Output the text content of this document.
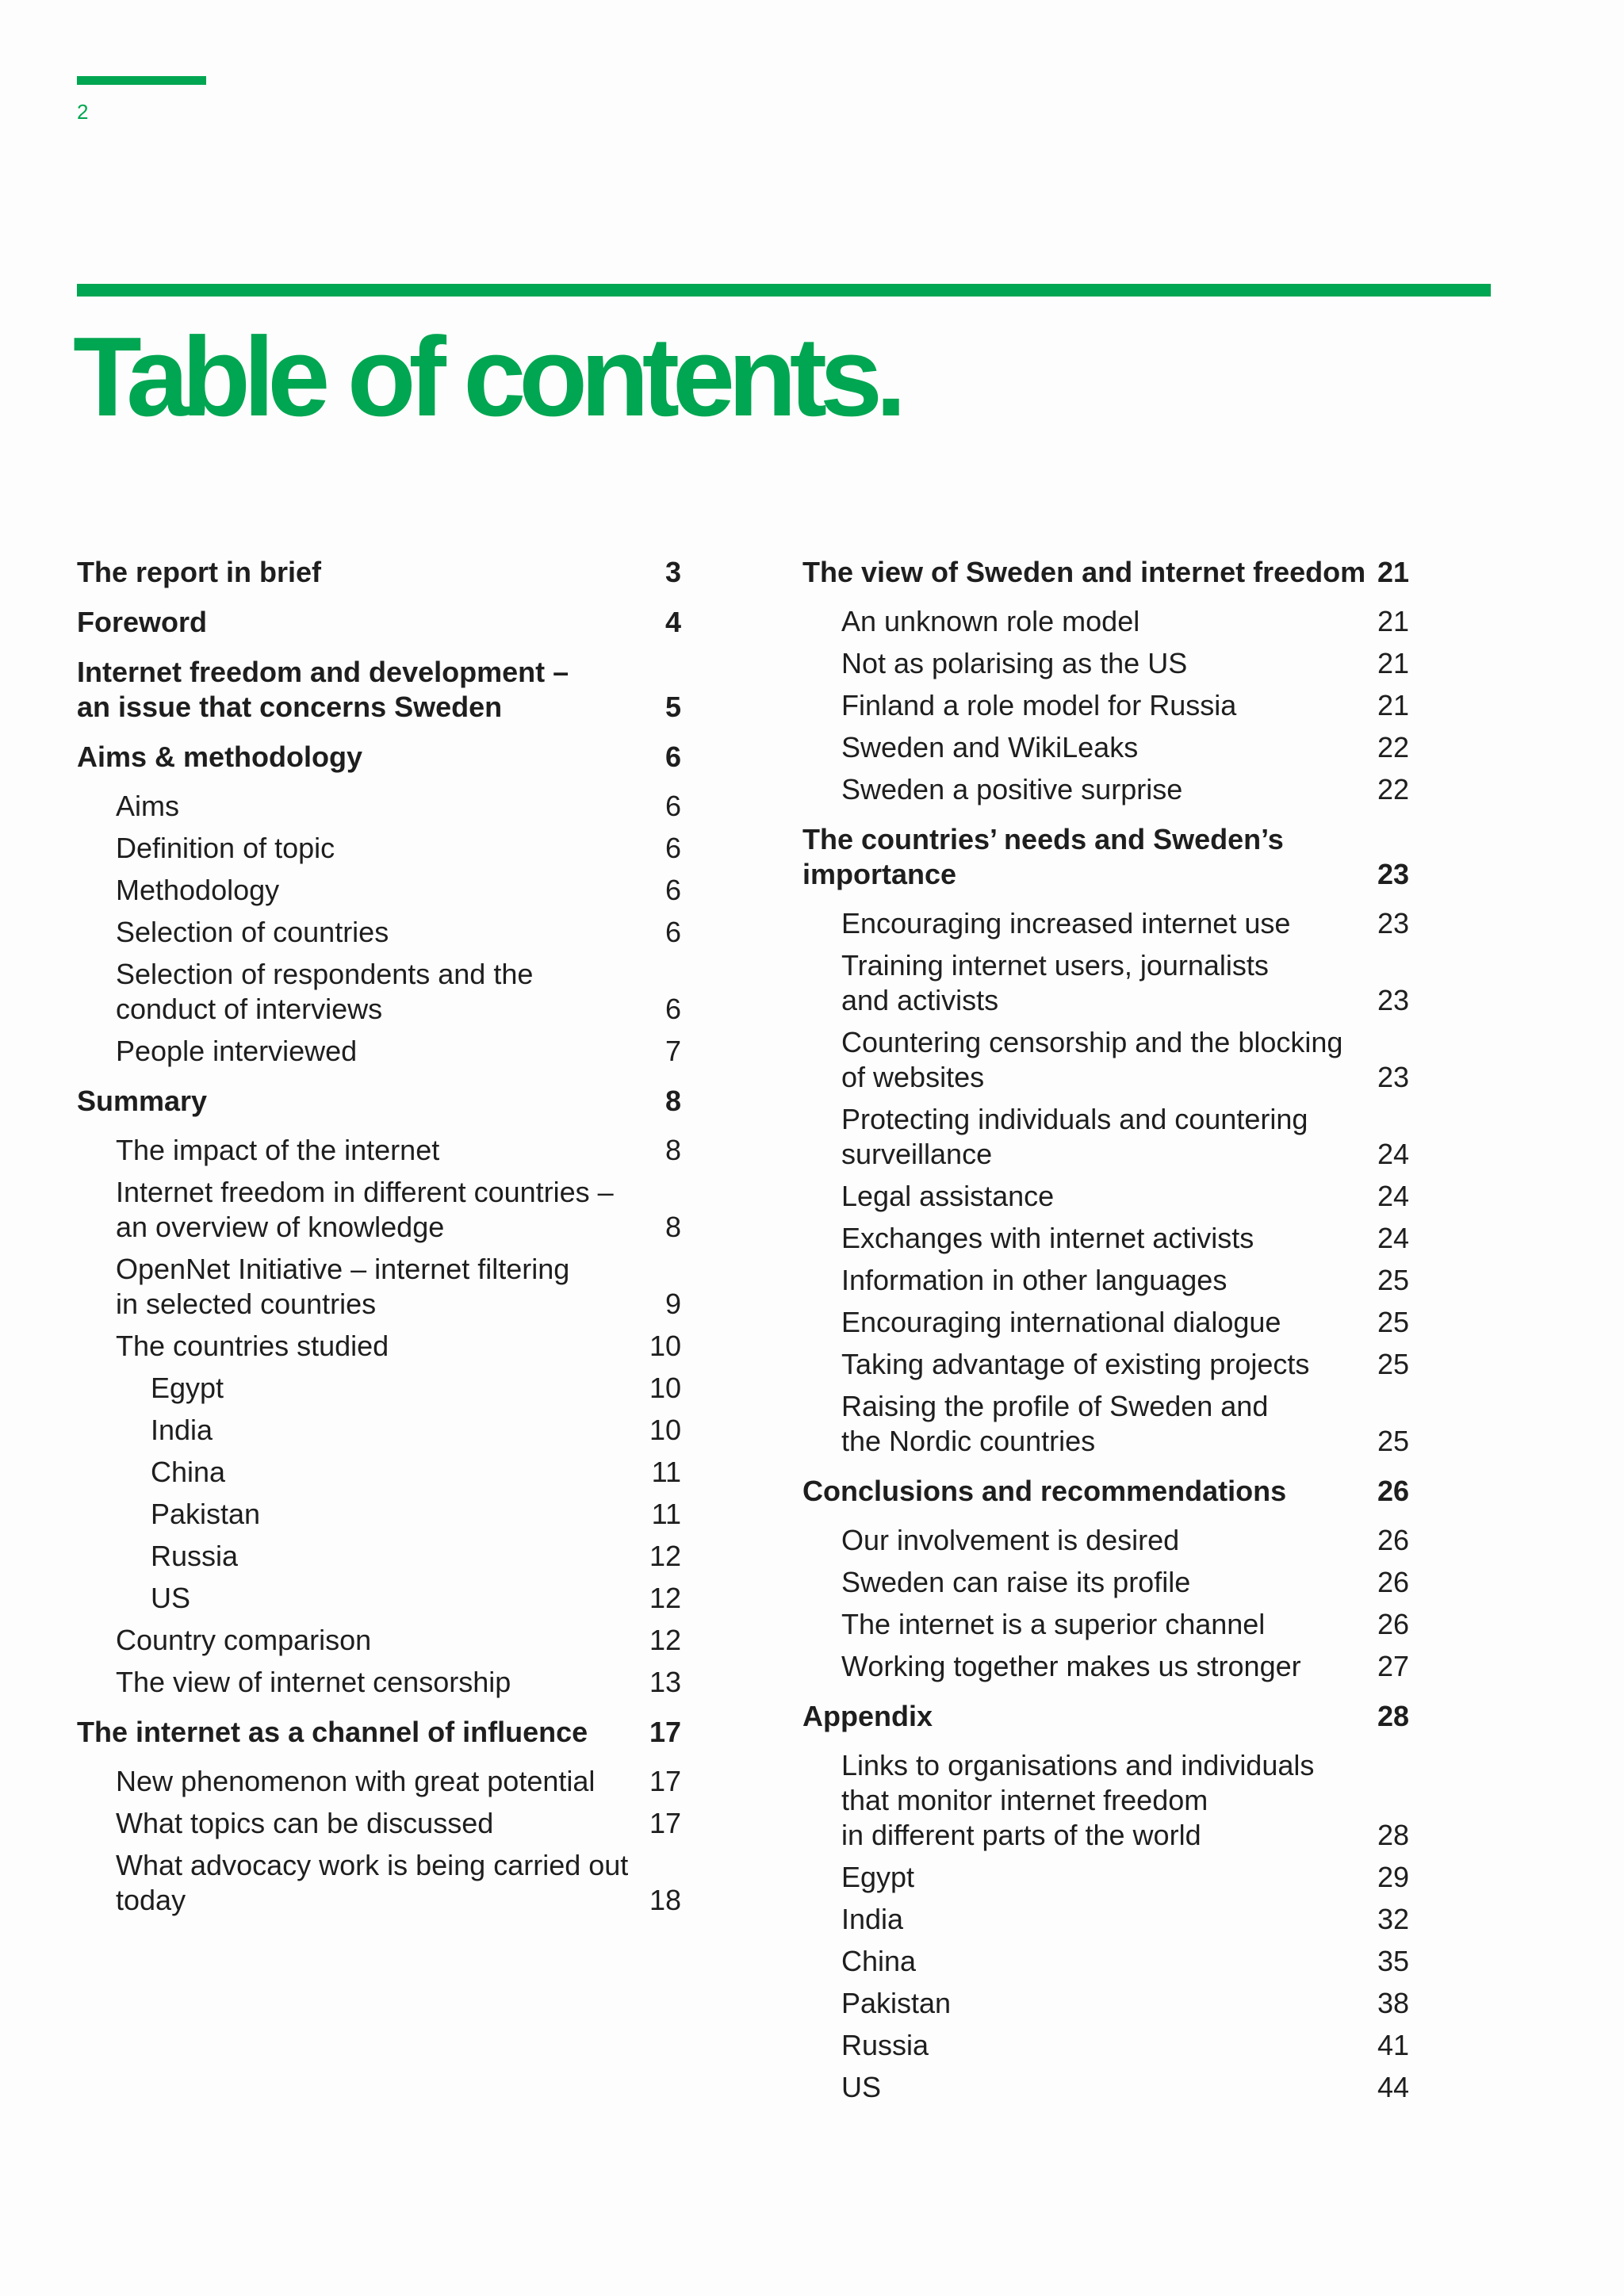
2
Table of contents.
The report in brief	3
Foreword	4
Internet freedom and development –
an issue that concerns Sweden	5
Aims & methodology	6
Aims	6
Definition of topic	6
Methodology	6
Selection of countries	6
Selection of respondents and the
conduct of interviews	6
People interviewed	7
Summary	8
The impact of the internet	8
Internet freedom in different countries –
an overview of knowledge	8
OpenNet Initiative – internet filtering
in selected countries	9
The countries studied	10
Egypt	10
India	10
China	11
Pakistan	11
Russia	12
US	12
Country comparison	12
The view of internet censorship	13
The internet as a channel of influence	17
New phenomenon with great potential	17
What topics can be discussed	17
What advocacy work is being carried out
today	18
The view of Sweden and internet freedom 21
An unknown role model	21
Not as polarising as the US	21
Finland a role model for Russia	21
Sweden and WikiLeaks	22
Sweden a positive surprise	22
The countries’ needs and Sweden’s
importance	23
Encouraging increased internet use	23
Training internet users, journalists
and activists	23
Countering censorship and the blocking
of websites	23
Protecting individuals and countering
surveillance	24
Legal assistance	24
Exchanges with internet activists	24
Information in other languages	25
Encouraging international dialogue	25
Taking advantage of existing projects	25
Raising the profile of Sweden and
the Nordic countries	25
Conclusions and recommendations	26
Our involvement is desired	26
Sweden can raise its profile	26
The internet is a superior channel	26
Working together makes us stronger	27
Appendix	28
Links to organisations and individuals
that monitor internet freedom
in different parts of the world	28
Egypt	29
India	32
China	35
Pakistan	38
Russia	41
US	44
